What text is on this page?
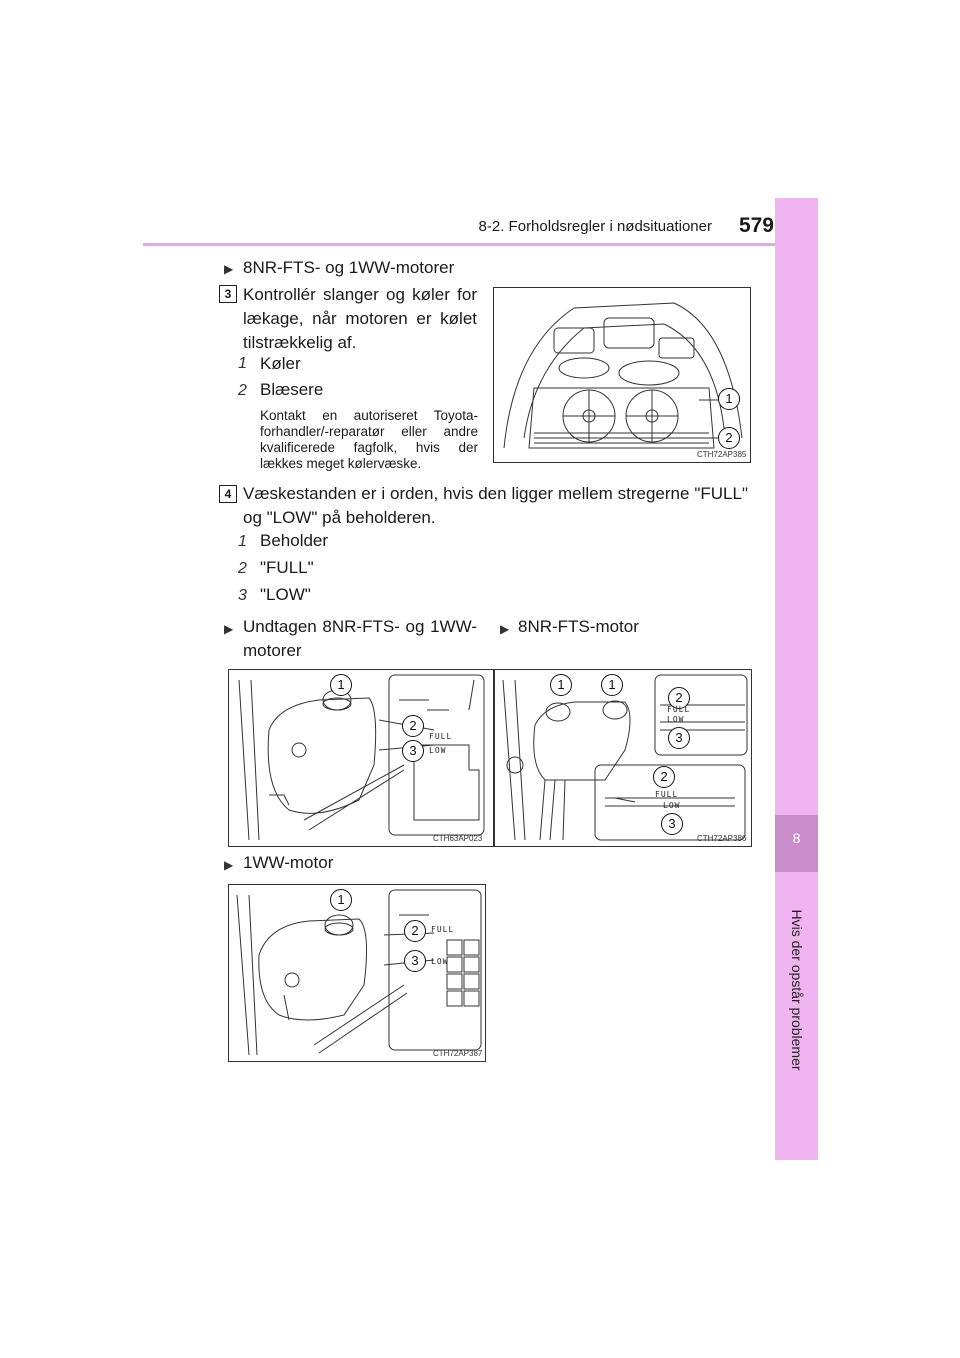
8-2. Forholdsregler i nødsituationer	579
8
Hvis der opstår problemer
▶ 8NR-FTS- og 1WW-motorer
3 Kontrollér slanger og køler for
lækage, når motoren er kølet
tilstrækkelig af.
1 Køler
2 Blæsere
Kontakt en autoriseret Toyota-
forhandler/-reparatør eller andre
kvalificerede fagfolk, hvis der
lækkes meget kølervæske.
1
2
CTH72AP385
4 Væskestanden er i orden, hvis den ligger mellem stregerne "FULL"
og "LOW" på beholderen.
1 Beholder
2 "FULL"
3 "LOW"
▶ Undtagen 8NR-FTS- og 1WW-
motorer
▶ 8NR-FTS-motor
1
2
3
FULL
LOW
CTH63AP023
1	1
2
3
FULL
LOW
2
3
FULL
LOW
CTH72AP386
▶ 1WW-motor
1
2
3
FULL
LOW
CTH72AP387
